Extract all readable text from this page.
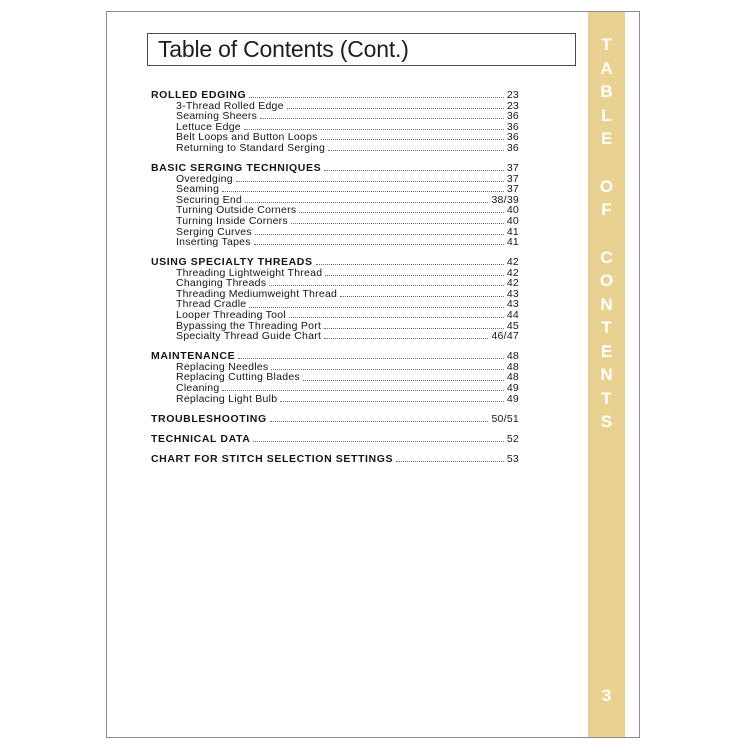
Table of Contents (Cont.)
ROLLED EDGING	23
3-Thread Rolled Edge	23
Seaming Sheers	36
Lettuce Edge	36
Belt Loops and Button Loops	36
Returning to Standard Serging	36
BASIC SERGING TECHNIQUES	37
Overedging	37
Seaming	37
Securing End	38/39
Turning Outside Corners	40
Turning Inside Corners	40
Serging Curves	41
Inserting Tapes	41
USING SPECIALTY THREADS	42
Threading Lightweight Thread	42
Changing Threads	42
Threading Mediumweight Thread	43
Thread Cradle	43
Looper Threading Tool	44
Bypassing the Threading Port	45
Specialty Thread Guide Chart	46/47
MAINTENANCE	48
Replacing Needles	48
Replacing Cutting Blades	48
Cleaning	49
Replacing Light Bulb	49
TROUBLESHOOTING	50/51
TECHNICAL DATA	52
CHART FOR STITCH SELECTION SETTINGS	53
T
A
B
L
E
O
F
C
O
N
T
E
N
T
S
3
